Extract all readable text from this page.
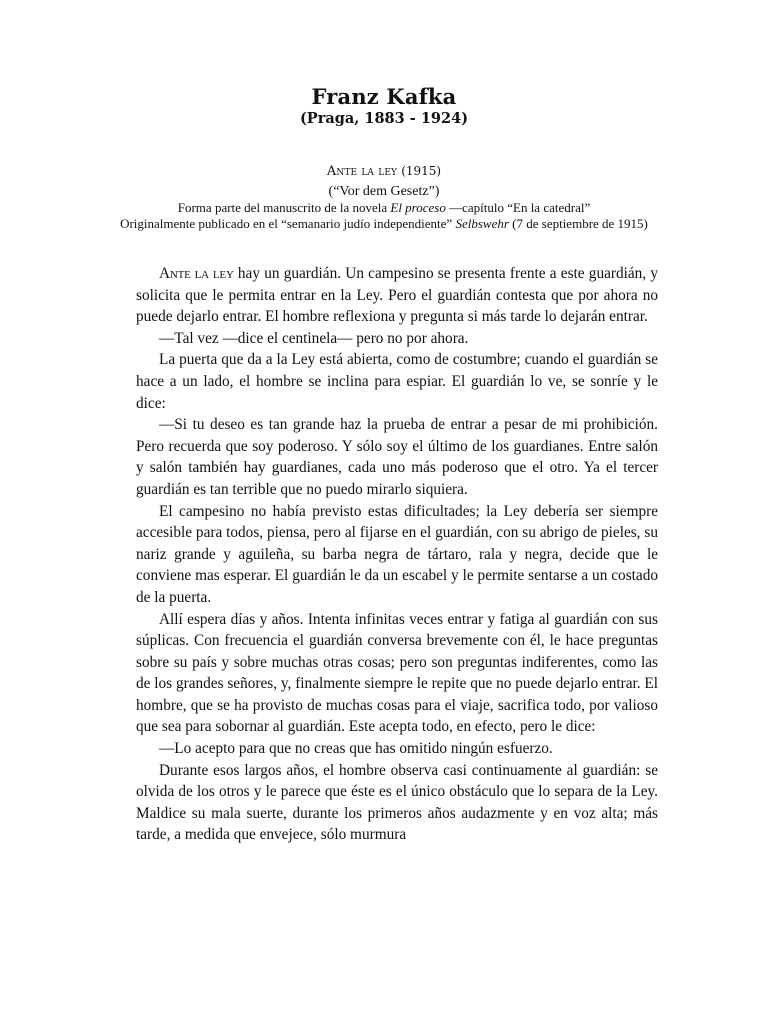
Franz Kafka
(Praga, 1883 - 1924)
Ante la ley (1915)
(“Vor dem Gesetz”)
Forma parte del manuscrito de la novela El proceso —capítulo “En la catedral”
Originalmente publicado en el “semanario judío independiente” Selbswehr (7 de septiembre de 1915)

Ante la ley hay un guardián. Un campesino se presenta frente a este guardián, y solicita que le permita entrar en la Ley. Pero el guardián contesta que por ahora no puede dejarlo entrar. El hombre reflexiona y pregunta si más tarde lo dejarán entrar.

—Tal vez —dice el centinela— pero no por ahora.

La puerta que da a la Ley está abierta, como de costumbre; cuando el guardián se hace a un lado, el hombre se inclina para espiar. El guardián lo ve, se sonríe y le dice:

—Si tu deseo es tan grande haz la prueba de entrar a pesar de mi prohibición. Pero recuerda que soy poderoso. Y sólo soy el último de los guardianes. Entre salón y salón también hay guardianes, cada uno más poderoso que el otro. Ya el tercer guardián es tan terrible que no puedo mirarlo siquiera.

El campesino no había previsto estas dificultades; la Ley debería ser siempre accesible para todos, piensa, pero al fijarse en el guardián, con su abrigo de pieles, su nariz grande y aguileña, su barba negra de tártaro, rala y negra, decide que le conviene mas esperar. El guardián le da un escabel y le permite sentarse a un costado de la puerta.

Allí espera días y años. Intenta infinitas veces entrar y fatiga al guardián con sus súplicas. Con frecuencia el guardián conversa brevemente con él, le hace preguntas sobre su país y sobre muchas otras cosas; pero son preguntas indiferentes, como las de los grandes señores, y, finalmente siempre le repite que no puede dejarlo entrar. El hombre, que se ha provisto de muchas cosas para el viaje, sacrifica todo, por valioso que sea para sobornar al guardián. Este acepta todo, en efecto, pero le dice:

—Lo acepto para que no creas que has omitido ningún esfuerzo.

Durante esos largos años, el hombre observa casi continuamente al guardián: se olvida de los otros y le parece que éste es el único obstáculo que lo separa de la Ley. Maldice su mala suerte, durante los primeros años audazmente y en voz alta; más tarde, a medida que envejece, sólo murmura
